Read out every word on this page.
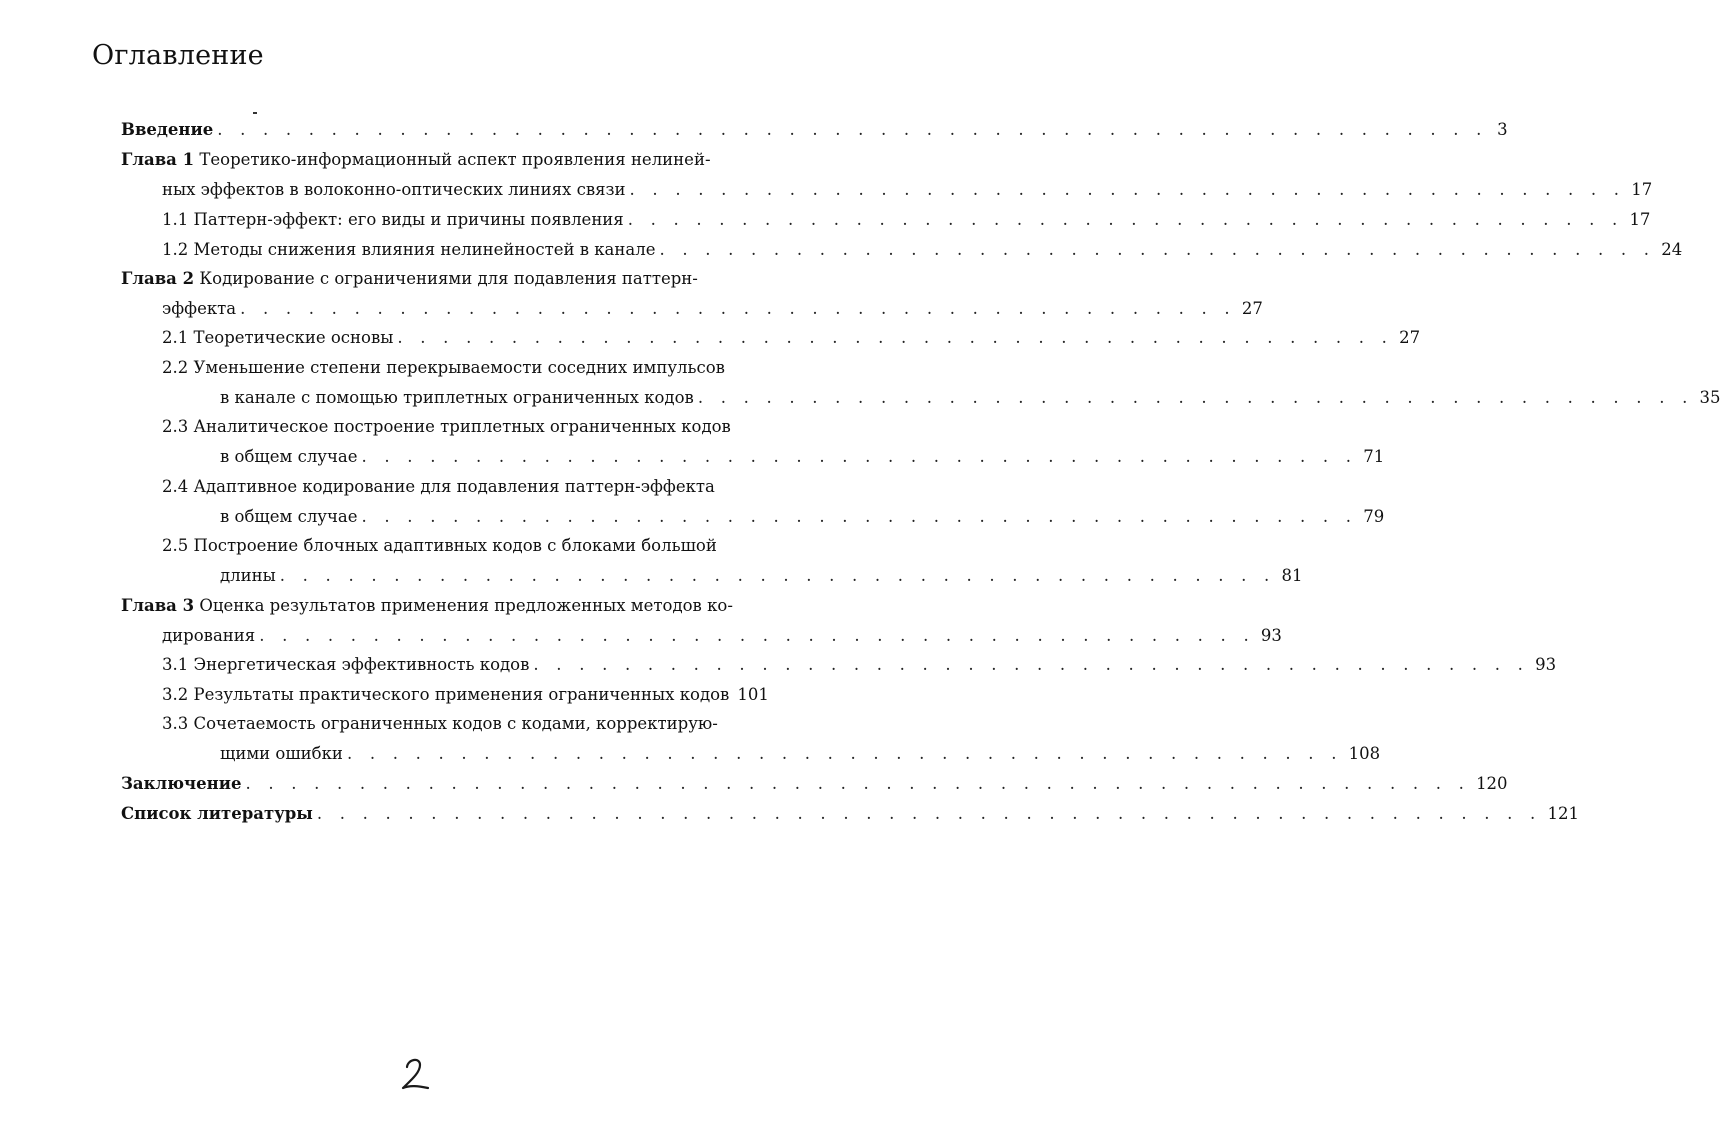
Оглавление
Введение . . . . . . . . . . . . . . . . . . . . . . . . . . . . . . . . . . . . . . . . . . . . . . . . . . . . . . . . 3
Глава 1 Теоретико-информационный аспект проявления нелиней-
ных эффектов в волоконно-оптических линиях связи . . . . . . . . . . . . . . . . . . . . . . . . . . . . . . . . . . . . . . . . . . . . 17
1.1 Паттерн-эффект: его виды и причины появления . . . . . . . . . . . . . . . . . . . . . . . . . . . . . . . . . . . . . . . . . . . . 17
1.2 Методы снижения влияния нелинейностей в канале . . . . . . . . . . . . . . . . . . . . . . . . . . . . . . . . . . . . . . . . . . . . 24
Глава 2 Кодирование с ограничениями для подавления паттерн-
эффекта . . . . . . . . . . . . . . . . . . . . . . . . . . . . . . . . . . . . . . . . . . . . 27
2.1 Теоретические основы . . . . . . . . . . . . . . . . . . . . . . . . . . . . . . . . . . . . . . . . . . . . 27
2.2 Уменьшение степени перекрываемости соседних импульсов
в канале с помощью триплетных ограниченных кодов . . . . . . . . . . . . . . . . . . . . . . . . . . . . . . . . . . . . . . . . . . . . 35
2.3 Аналитическое построение триплетных ограниченных кодов
в общем случае . . . . . . . . . . . . . . . . . . . . . . . . . . . . . . . . . . . . . . . . . . . . 71
2.4 Адаптивное кодирование для подавления паттерн-эффекта
в общем случае . . . . . . . . . . . . . . . . . . . . . . . . . . . . . . . . . . . . . . . . . . . . 79
2.5 Построение блочных адаптивных кодов с блоками большой
длины . . . . . . . . . . . . . . . . . . . . . . . . . . . . . . . . . . . . . . . . . . . . 81
Глава 3 Оценка результатов применения предложенных методов ко-
дирования . . . . . . . . . . . . . . . . . . . . . . . . . . . . . . . . . . . . . . . . . . . . 93
3.1 Энергетическая эффективность кодов . . . . . . . . . . . . . . . . . . . . . . . . . . . . . . . . . . . . . . . . . . . . 93
3.2 Результаты практического применения ограниченных кодов 101
3.3 Сочетаемость ограниченных кодов с кодами, корректирую-
щими ошибки . . . . . . . . . . . . . . . . . . . . . . . . . . . . . . . . . . . . . . . . . . . . 108
Заключение . . . . . . . . . . . . . . . . . . . . . . . . . . . . . . . . . . . . . . . . . . . . . . . . . . . . . . 120
Список литературы . . . . . . . . . . . . . . . . . . . . . . . . . . . . . . . . . . . . . . . . . . . . . . . . . . . . . . 121
